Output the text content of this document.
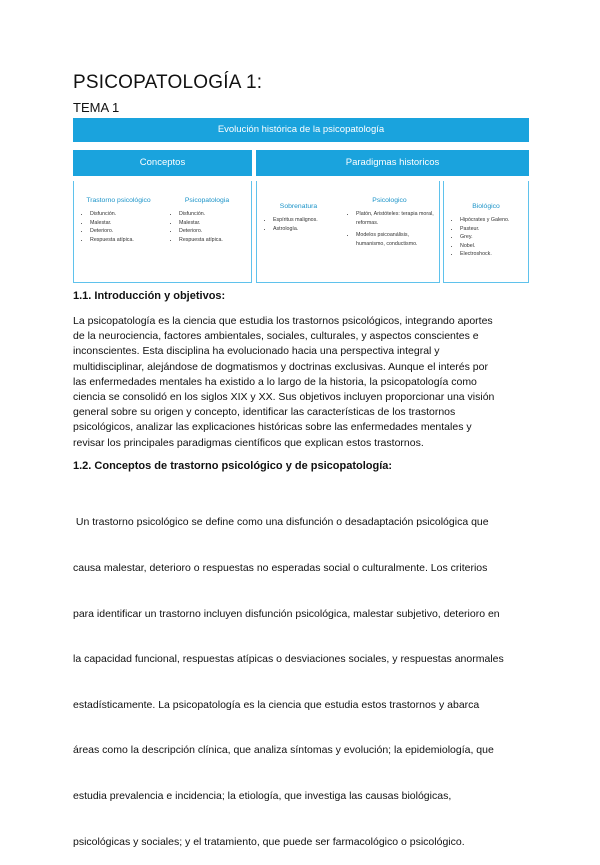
PSICOPATOLOGÍA 1:
TEMA 1
Evolución histórica de la psicopatología
Conceptos	Paradigmas historicos
Trastorno psicológico
• Disfunción.
• Malestar.
• Deterioro.
• Respuesta atípica.
Psicopatologia
• Disfunción.
• Malestar.
• Deterioro.
• Respuesta atípica.
Sobrenatura
• Espíritus malignos.
• Astrología.
Psicologico
• Platón, Aristóteles: terapia moral, reformas.
• Modelos psicoanálisis, humanismo, conductismo.
Biológico
• Hipócrates y Galeno.
• Pasteur.
• Grey.
• Nobel.
• Electroshock.
1.1. Introducción y objetivos:
La psicopatología es la ciencia que estudia los trastornos psicológicos, integrando aportes
de la neurociencia, factores ambientales, sociales, culturales, y aspectos conscientes e
inconscientes. Esta disciplina ha evolucionado hacia una perspectiva integral y
multidisciplinar, alejándose de dogmatismos y doctrinas exclusivas. Aunque el interés por
las enfermedades mentales ha existido a lo largo de la historia, la psicopatología como
ciencia se consolidó en los siglos XIX y XX. Sus objetivos incluyen proporcionar una visión
general sobre su origen y concepto, identificar las características de los trastornos
psicológicos, analizar las explicaciones históricas sobre las enfermedades mentales y
revisar los principales paradigmas científicos que explican estos trastornos.
1.2. Conceptos de trastorno psicológico y de psicopatología:

Un trastorno psicológico se define como una disfunción o desadaptación psicológica que

causa malestar, deterioro o respuestas no esperadas social o culturalmente. Los criterios

para identificar un trastorno incluyen disfunción psicológica, malestar subjetivo, deterioro en

la capacidad funcional, respuestas atípicas o desviaciones sociales, y respuestas anormales

estadísticamente. La psicopatología es la ciencia que estudia estos trastornos y abarca

áreas como la descripción clínica, que analiza síntomas y evolución; la epidemiología, que

estudia prevalencia e incidencia; la etiología, que investiga las causas biológicas,

psicológicas y sociales; y el tratamiento, que puede ser farmacológico o psicológico.
